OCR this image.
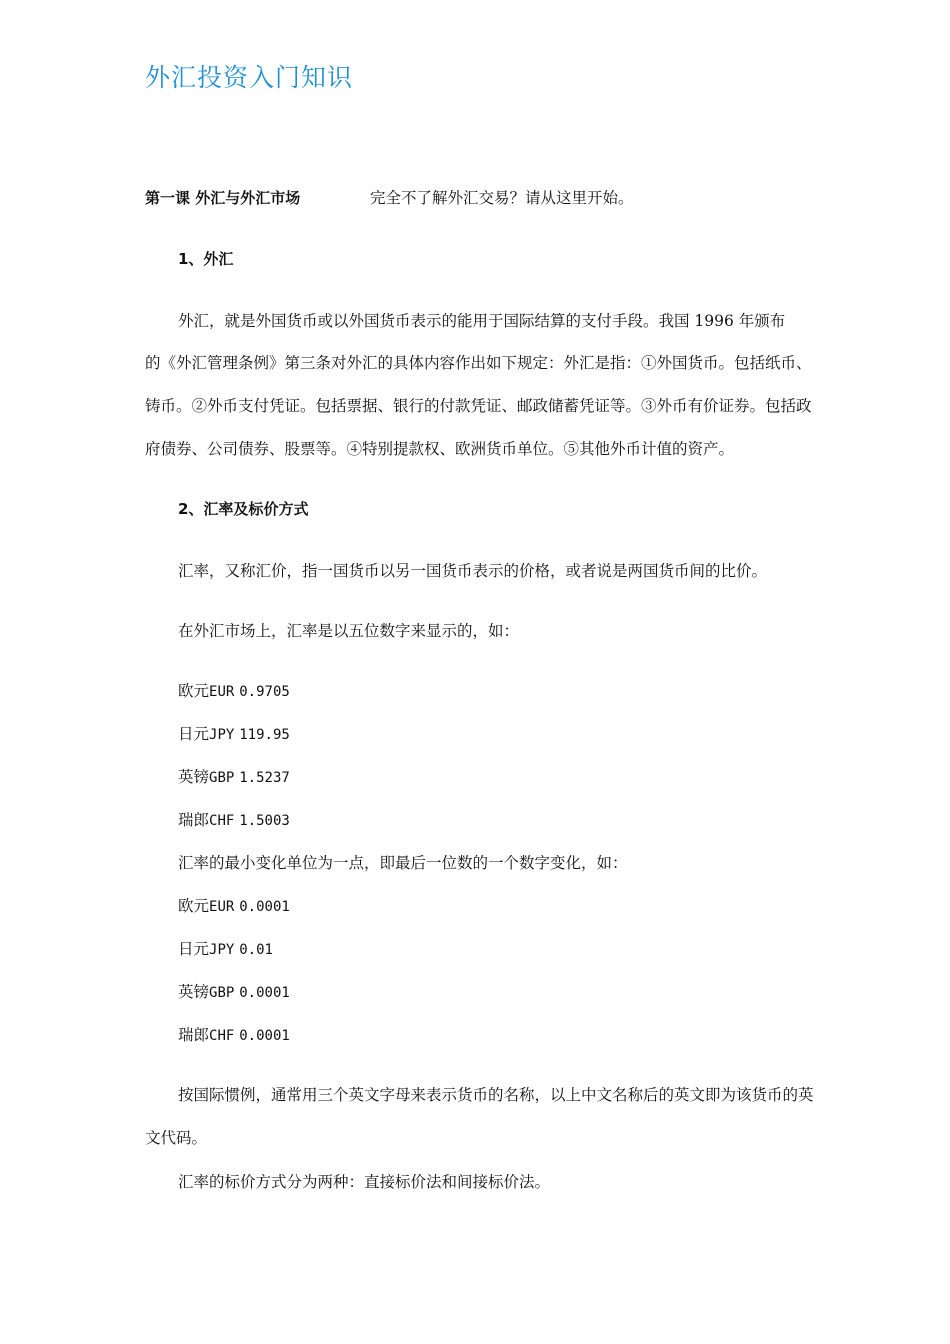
外汇投资入门知识
第一课 外汇与外汇市场	完全不了解外汇交易？请从这里开始。
1、外汇
外汇，就是外国货币或以外国货币表示的能用于国际结算的支付手段。我国 1996 年颁布
的《外汇管理条例》第三条对外汇的具体内容作出如下规定：外汇是指：①外国货币。包括纸币、
铸币。②外币支付凭证。包括票据、银行的付款凭证、邮政储蓄凭证等。③外币有价证券。包括政
府债券、公司债券、股票等。④特别提款权、欧洲货币单位。⑤其他外币计值的资产。
2、汇率及标价方式
汇率，又称汇价，指一国货币以另一国货币表示的价格，或者说是两国货币间的比价。
在外汇市场上，汇率是以五位数字来显示的，如：
欧元EUR 0.9705
日元JPY 119.95
英镑GBP 1.5237
瑞郎CHF 1.5003
汇率的最小变化单位为一点，即最后一位数的一个数字变化，如：
欧元EUR 0.0001
日元JPY 0.01
英镑GBP 0.0001
瑞郎CHF 0.0001
按国际惯例，通常用三个英文字母来表示货币的名称，以上中文名称后的英文即为该货币的英
文代码。
汇率的标价方式分为两种：直接标价法和间接标价法。
